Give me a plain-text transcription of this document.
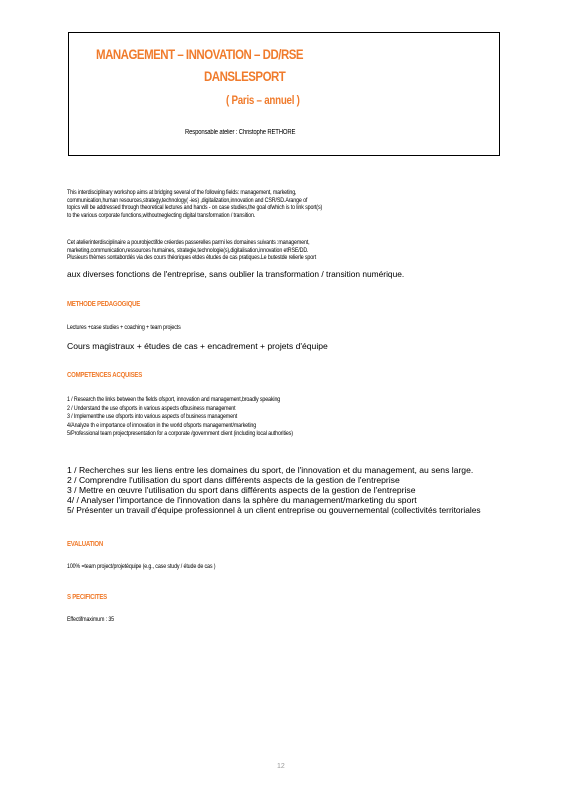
MANAGEMENT – INNOVATION – DD/RSE
DANSLESPORT
( Paris – annuel )
Responsable atelier : Christophe RETHORE
This interdisciplinary workshop aims at bridging several of the following fields: management, marketing,
communication,human resources,strategy,technology( -ies) ,digitalization,innovation and CSR/SD.Arange of
topics will be addressed through theoretical lectures and hands - on case studies,the goal ofwhich is to link sport(s)
to the various corporate functions,withoutneglecting digital transformation / transition.
Cet atelierinterdisciplinaire a pourobjectifde créerdes passerelles parmi les domaines suivants :management,
marketing,communication,ressources humaines, strategie,technologie(s),digitalisation,innovation etRSE/DD.
Plusieurs thèmes sontabordés via des cours théoriques etdes études de cas pratiques.Le butestde relierle sport
aux diverses fonctions de l'entreprise, sans oublier la transformation / transition numérique.
METHODE PEDAGOGIQUE
Lectures +case studies + coaching + team projects
Cours magistraux + études de cas + encadrement + projets d'équipe
COMPETENCES ACQUISES
1 / Research the links between the fields ofsport, innovation and management,broadly speaking
2 / Understand the use ofsports in various aspects ofbusiness management
3 / Implementthe use ofsports into various aspects of business management
4/Analyze th e importance of innovation in the world ofsports management/marketing
5/Professional team projectpresentation for a corporate /government client (including local authorities)
1 / Recherches sur les liens entre les domaines du sport, de l'innovation et du management, au sens large.
2 / Comprendre l'utilisation du sport dans différents aspects de la gestion de l'entreprise
3 / Mettre en œuvre l'utilisation du sport dans différents aspects de la gestion de l'entreprise
4/ / Analyser l'importance de l'innovation dans la sphère du management/marketing du sport
5/ Présenter un travail d'équipe professionnel à un client entreprise ou gouvernemental (collectivités territoriales
EVALUATION
100% =team project/projetéquipe (e.g., case study / étude de cas )
S PECIFICITES
Effectifmaximum : 35
12
